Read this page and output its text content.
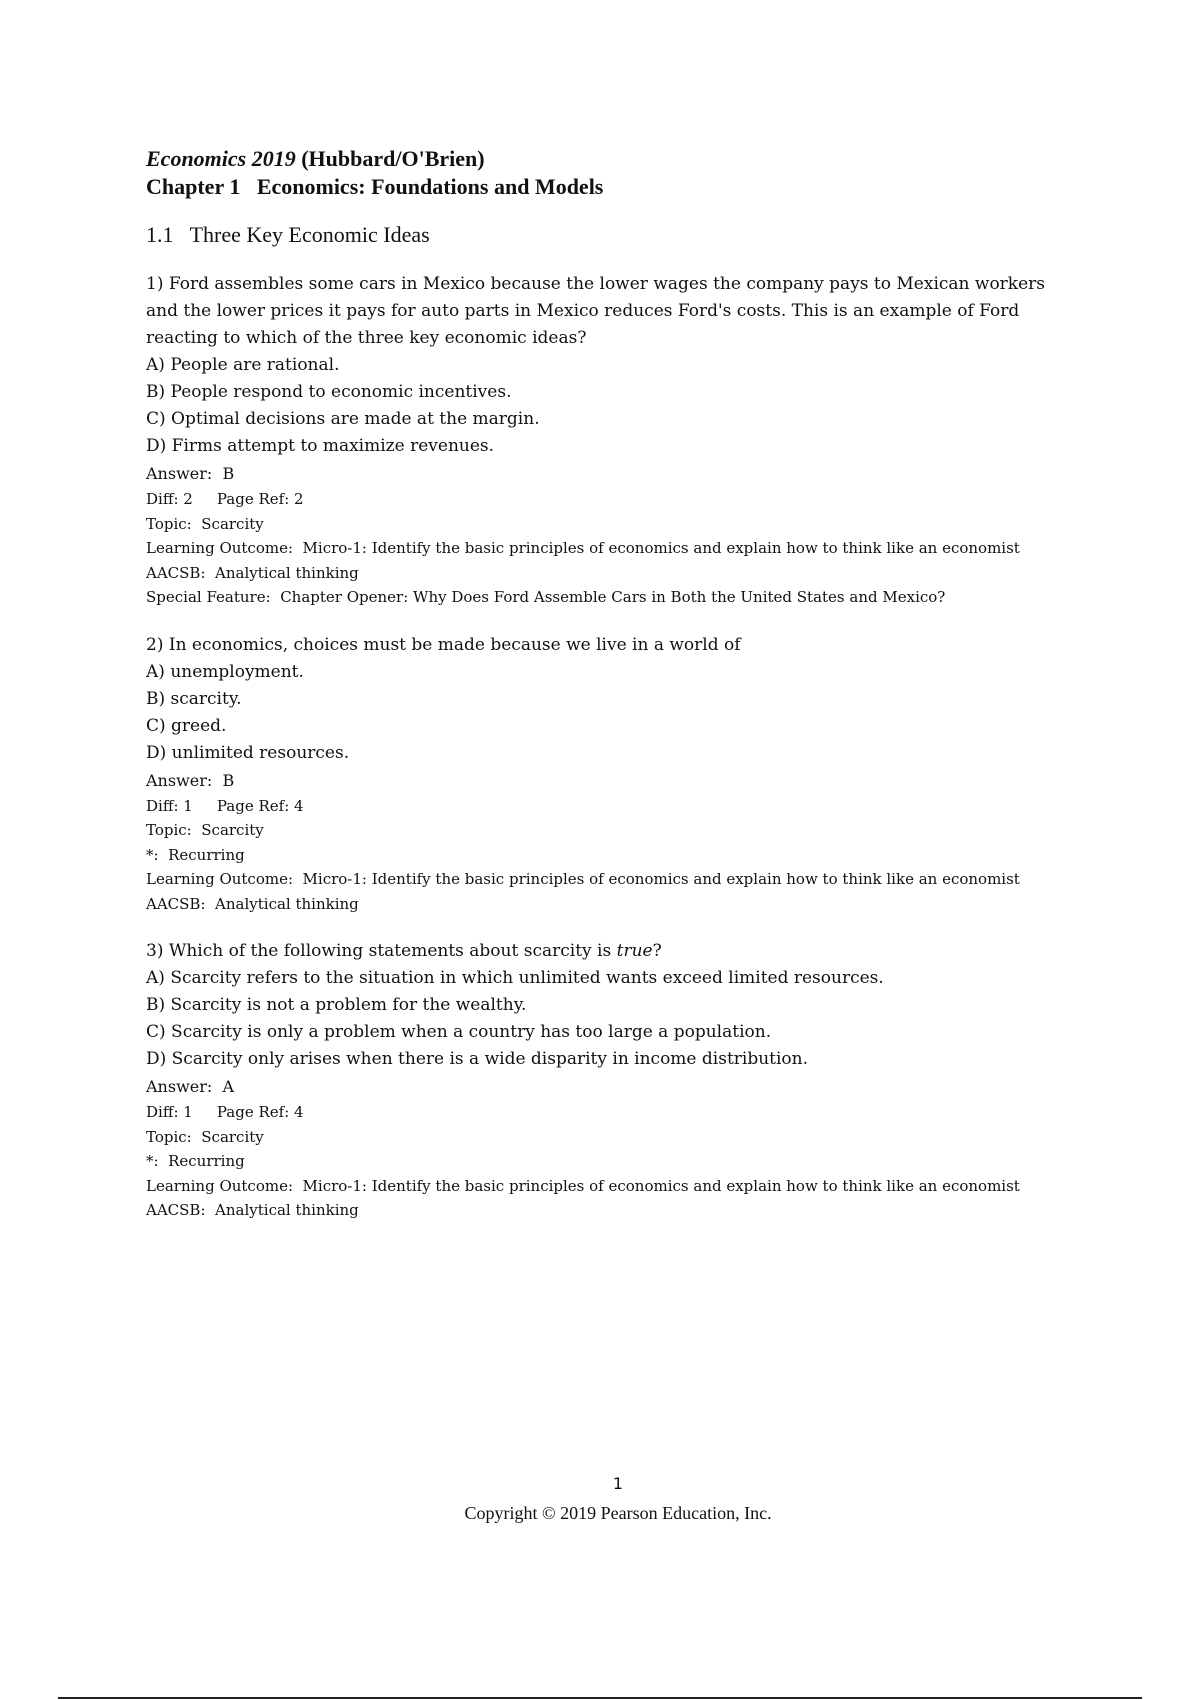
Economics 2019 (Hubbard/O'Brien)
Chapter 1   Economics: Foundations and Models
1.1   Three Key Economic Ideas
1) Ford assembles some cars in Mexico because the lower wages the company pays to Mexican workers
and the lower prices it pays for auto parts in Mexico reduces Ford's costs. This is an example of Ford
reacting to which of the three key economic ideas?
A) People are rational.
B) People respond to economic incentives.
C) Optimal decisions are made at the margin.
D) Firms attempt to maximize revenues.
Answer:  B
Diff: 2 Page Ref: 2
Topic:  Scarcity
Learning Outcome:  Micro-1: Identify the basic principles of economics and explain how to think like an economist
AACSB:  Analytical thinking
Special Feature:  Chapter Opener: Why Does Ford Assemble Cars in Both the United States and Mexico?
2) In economics, choices must be made because we live in a world of
A) unemployment.
B) scarcity.
C) greed.
D) unlimited resources.
Answer:  B
Diff: 1 Page Ref: 4
Topic:  Scarcity
*:  Recurring
Learning Outcome:  Micro-1: Identify the basic principles of economics and explain how to think like an economist
AACSB:  Analytical thinking
3) Which of the following statements about scarcity is true?
A) Scarcity refers to the situation in which unlimited wants exceed limited resources.
B) Scarcity is not a problem for the wealthy.
C) Scarcity is only a problem when a country has too large a population.
D) Scarcity only arises when there is a wide disparity in income distribution.
Answer:  A
Diff: 1 Page Ref: 4
Topic:  Scarcity
*:  Recurring
Learning Outcome:  Micro-1: Identify the basic principles of economics and explain how to think like an economist
AACSB:  Analytical thinking
1
Copyright © 2019 Pearson Education, Inc.
